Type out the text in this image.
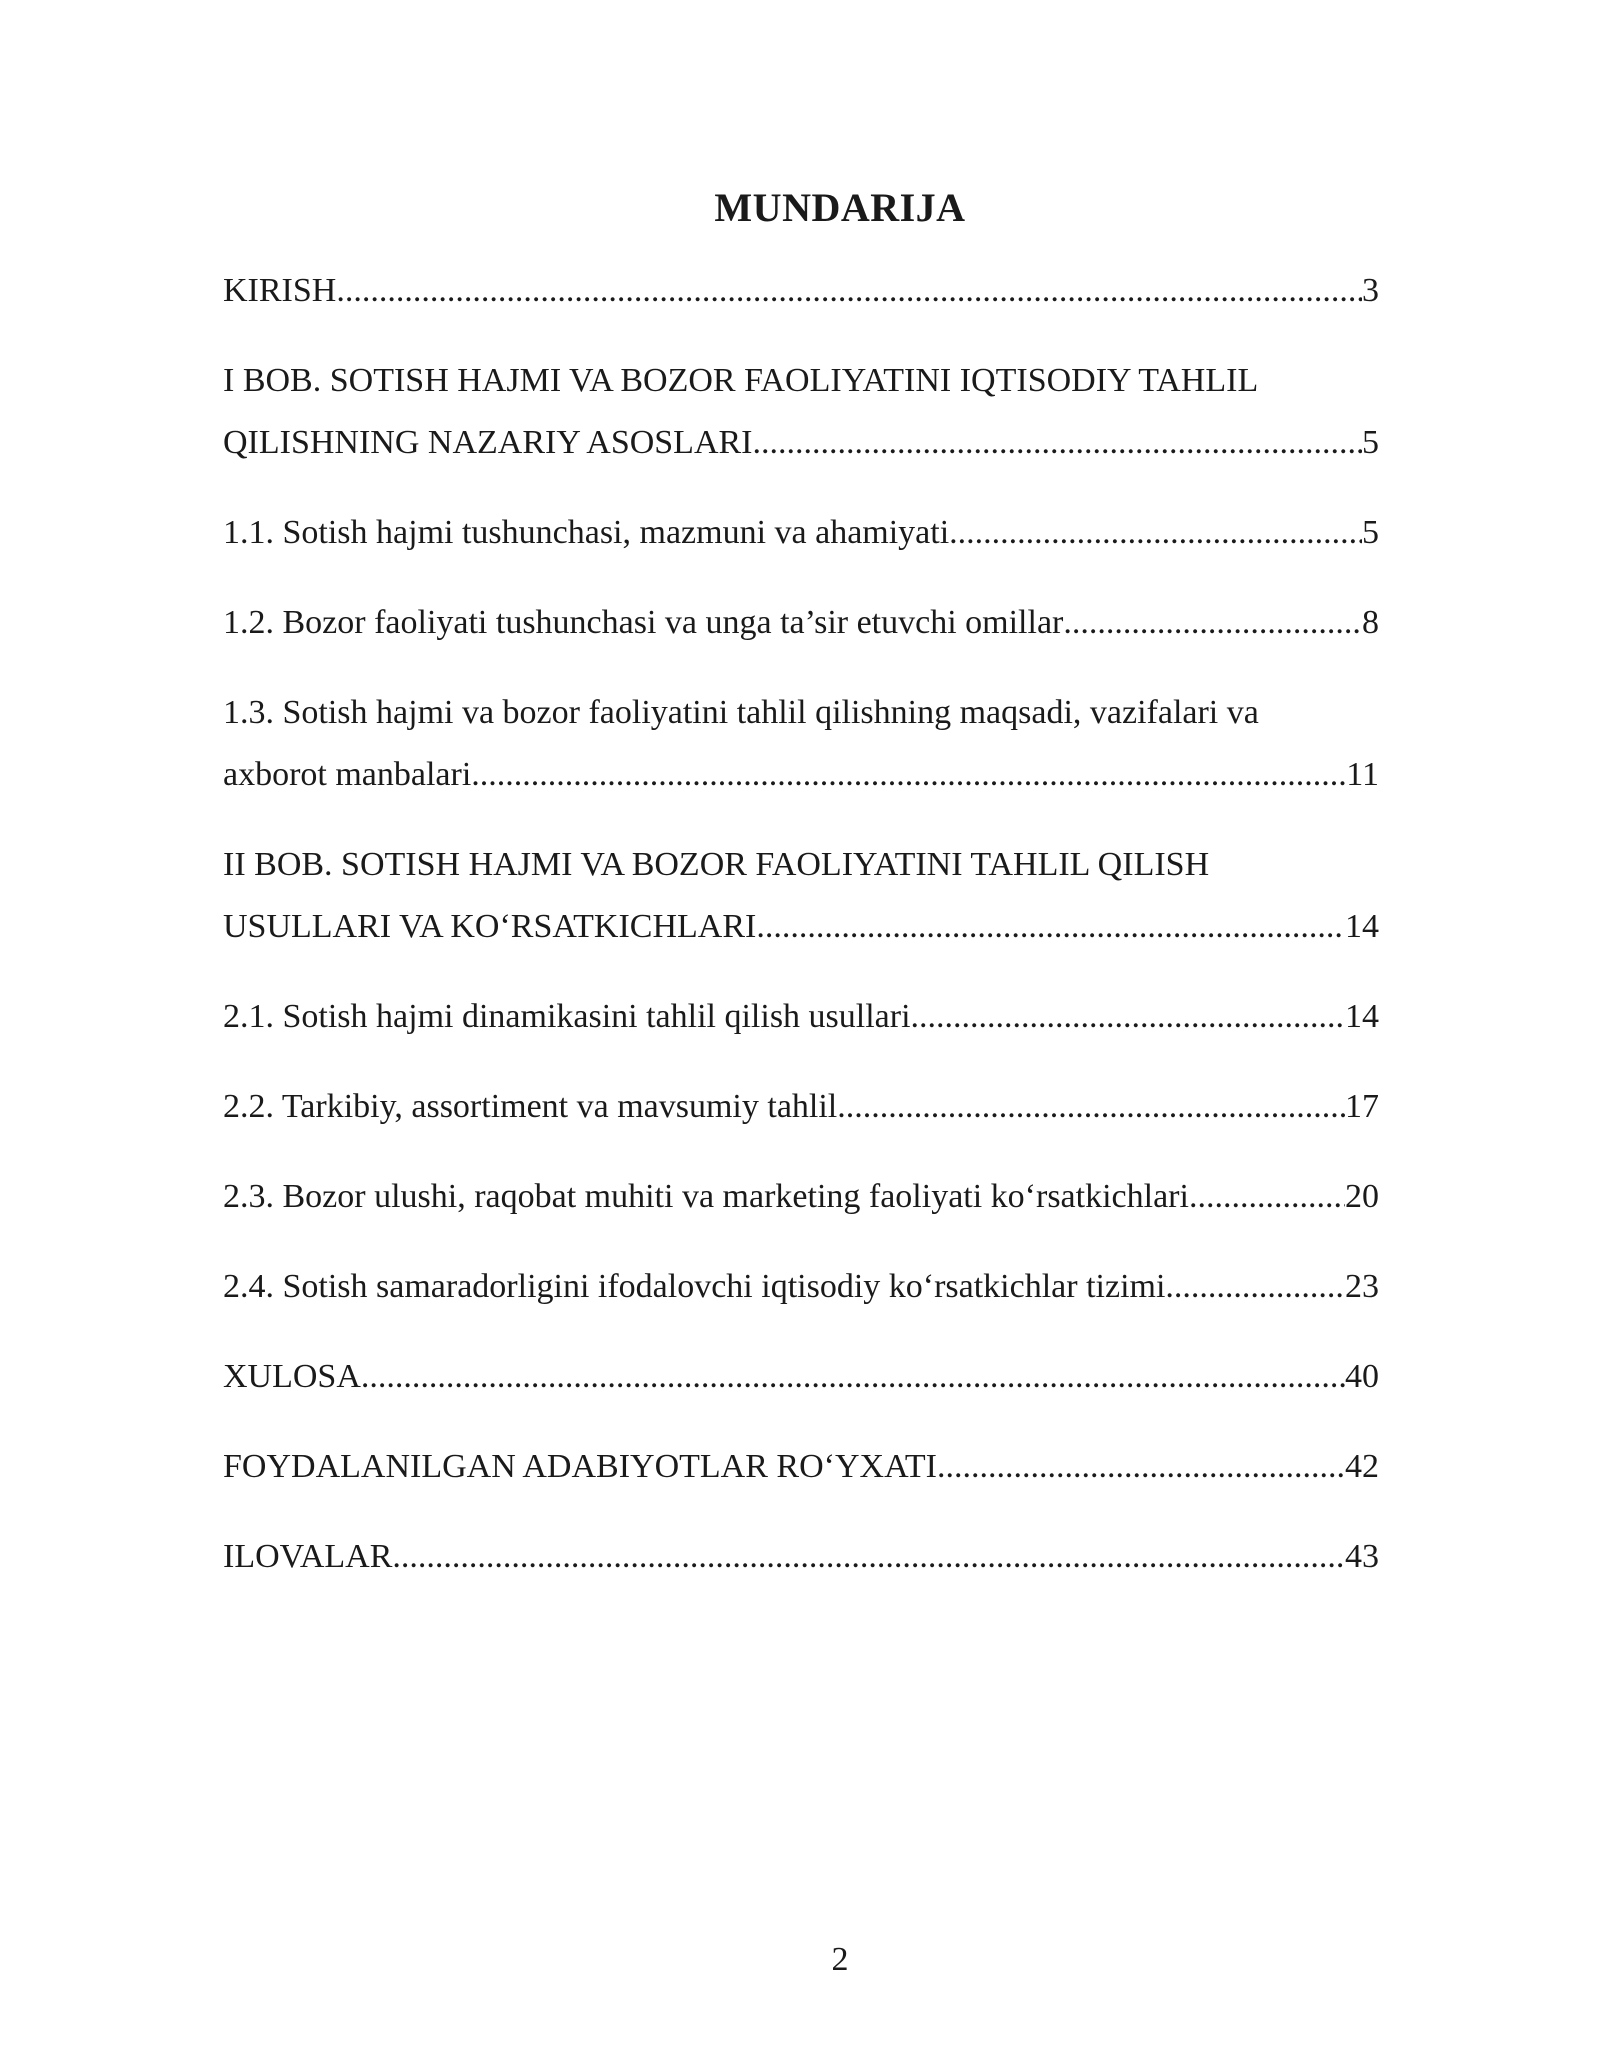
MUNDARIJA
KIRISH .....	3
I BOB. SOTISH HAJMI VA BOZOR FAOLIYATINI IQTISODIY TAHLIL
QILISHNING NAZARIY ASOSLARI .....	5
1.1. Sotish hajmi tushunchasi, mazmuni va ahamiyati .....	5
1.2. Bozor faoliyati tushunchasi va unga ta’sir etuvchi omillar .....	8
1.3. Sotish hajmi va bozor faoliyatini tahlil qilishning maqsadi, vazifalari va
axborot manbalari .....	11
II BOB. SOTISH HAJMI VA BOZOR FAOLIYATINI TAHLIL QILISH
USULLARI VA KO‘RSATKICHLARI .....	14
2.1. Sotish hajmi dinamikasini tahlil qilish usullari .....	14
2.2. Tarkibiy, assortiment va mavsumiy tahlil .....	17
2.3. Bozor ulushi, raqobat muhiti va marketing faoliyati ko‘rsatkichlari .....	20
2.4. Sotish samaradorligini ifodalovchi iqtisodiy ko‘rsatkichlar tizimi .....	23
XULOSA .....	40
FOYDALANILGAN ADABIYOTLAR RO‘YXATI .....	42
ILOVALAR .....	43
2
